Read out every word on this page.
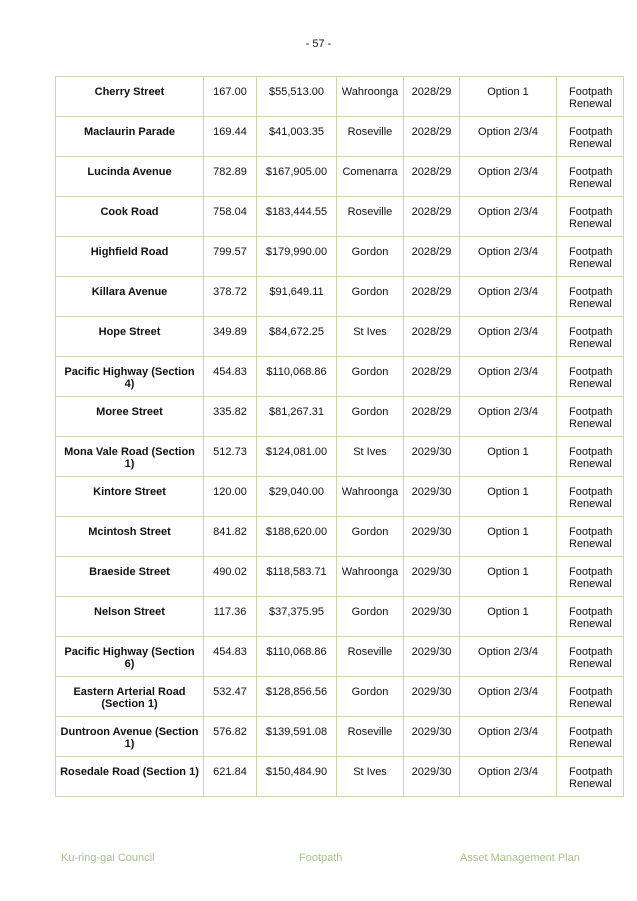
- 57 -
Cherry Street	167.00	$55,513.00	Wahroonga	2028/29	Option 1	Footpath Renewal
Maclaurin Parade	169.44	$41,003.35	Roseville	2028/29	Option 2/3/4	Footpath Renewal
Lucinda Avenue	782.89	$167,905.00	Comenarra	2028/29	Option 2/3/4	Footpath Renewal
Cook Road	758.04	$183,444.55	Roseville	2028/29	Option 2/3/4	Footpath Renewal
Highfield Road	799.57	$179,990.00	Gordon	2028/29	Option 2/3/4	Footpath Renewal
Killara Avenue	378.72	$91,649.11	Gordon	2028/29	Option 2/3/4	Footpath Renewal
Hope Street	349.89	$84,672.25	St Ives	2028/29	Option 2/3/4	Footpath Renewal
Pacific Highway (Section 4)	454.83	$110,068.86	Gordon	2028/29	Option 2/3/4	Footpath Renewal
Moree Street	335.82	$81,267.31	Gordon	2028/29	Option 2/3/4	Footpath Renewal
Mona Vale Road (Section 1)	512.73	$124,081.00	St Ives	2029/30	Option 1	Footpath Renewal
Kintore Street	120.00	$29,040.00	Wahroonga	2029/30	Option 1	Footpath Renewal
Mcintosh Street	841.82	$188,620.00	Gordon	2029/30	Option 1	Footpath Renewal
Braeside Street	490.02	$118,583.71	Wahroonga	2029/30	Option 1	Footpath Renewal
Nelson Street	117.36	$37,375.95	Gordon	2029/30	Option 1	Footpath Renewal
Pacific Highway (Section 6)	454.83	$110,068.86	Roseville	2029/30	Option 2/3/4	Footpath Renewal
Eastern Arterial Road (Section 1)	532.47	$128,856.56	Gordon	2029/30	Option 2/3/4	Footpath Renewal
Duntroon Avenue (Section 1)	576.82	$139,591.08	Roseville	2029/30	Option 2/3/4	Footpath Renewal
Rosedale Road (Section 1)	621.84	$150,484.90	St Ives	2029/30	Option 2/3/4	Footpath Renewal
Ku-ring-gai Council	Footpath	Asset Management Plan
